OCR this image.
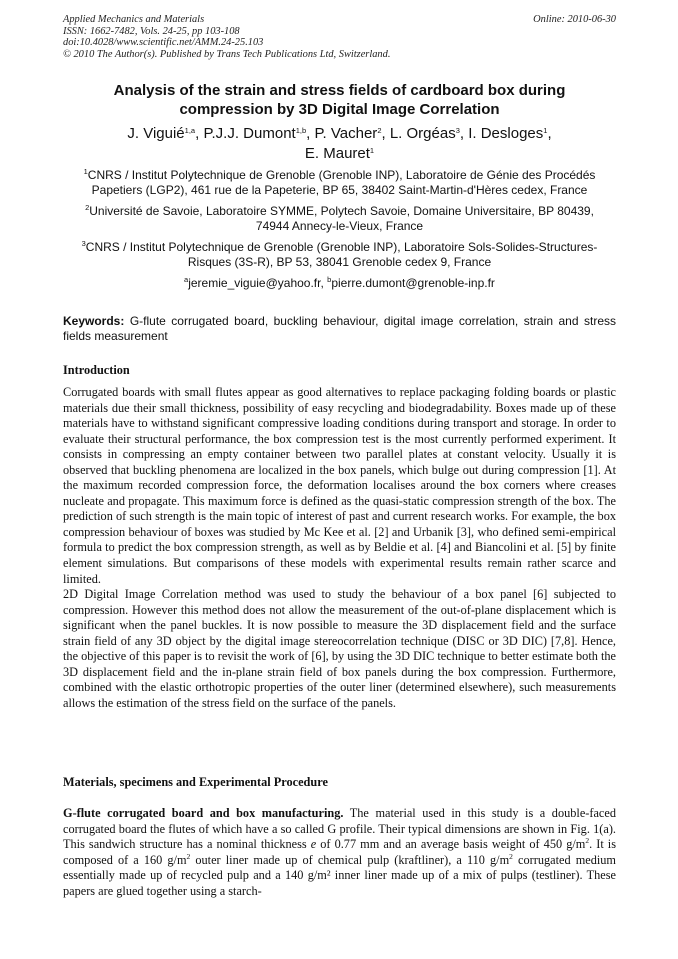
Applied Mechanics and Materials
ISSN: 1662-7482, Vols. 24-25, pp 103-108
doi:10.4028/www.scientific.net/AMM.24-25.103
© 2010 The Author(s). Published by Trans Tech Publications Ltd, Switzerland.
Online: 2010-06-30
Analysis of the strain and stress fields of cardboard box during
compression by 3D Digital Image Correlation
J. Viguié$^{1,a}$, P.J.J. Dumont$^{1,b}$, P. Vacher$^2$, L. Orgéas$^3$, I. Desloges$^1$,
E. Mauret$^1$
$^1$CNRS / Institut Polytechnique de Grenoble (Grenoble INP), Laboratoire de Génie des Procédés
Papetiers (LGP2), 461 rue de la Papeterie, BP 65, 38402 Saint-Martin-d'Hères cedex, France
$^2$Université de Savoie, Laboratoire SYMME, Polytech Savoie, Domaine Universitaire, BP 80439,
74944 Annecy-le-Vieux, France
$^3$CNRS / Institut Polytechnique de Grenoble (Grenoble INP), Laboratoire Sols-Solides-Structures-
Risques (3S-R), BP 53, 38041 Grenoble cedex 9, France
$^a$jeremie_viguie@yahoo.fr, $^b$pierre.dumont@grenoble-inp.fr
Keywords: G-flute corrugated board, buckling behaviour, digital image correlation, strain and stress fields measurement
Introduction

Corrugated boards with small flutes appear as good alternatives to replace packaging folding boards or plastic materials due their small thickness, possibility of easy recycling and biodegradability. Boxes made up of these materials have to withstand significant compressive loading conditions during transport and storage. In order to evaluate their structural performance, the box compression test is the most currently performed experiment. It consists in compressing an empty container between two parallel plates at constant velocity. Usually it is observed that buckling phenomena are localized in the box panels, which bulge out during compression [1]. At the maximum recorded compression force, the deformation localises around the box corners where creases nucleate and propagate. This maximum force is defined as the quasi-static compression strength of the box. The prediction of such strength is the main topic of interest of past and current research works. For example, the box compression behaviour of boxes was studied by Mc Kee et al. [2] and Urbanik [3], who defined semi-empirical formula to predict the box compression strength, as well as by Beldie et al. [4] and Biancolini et al. [5] by finite element simulations. But comparisons of these models with experimental results remain rather scarce and limited.

2D Digital Image Correlation method was used to study the behaviour of a box panel [6] subjected to compression. However this method does not allow the measurement of the out-of-plane displacement which is significant when the panel buckles. It is now possible to measure the 3D displacement field and the surface strain field of any 3D object by the digital image stereocorrelation technique (DISC or 3D DIC) [7,8]. Hence, the objective of this paper is to revisit the work of [6], by using the 3D DIC technique to better estimate both the 3D displacement field and the in-plane strain field of box panels during the box compression. Furthermore, combined with the elastic orthotropic properties of the outer liner (determined elsewhere), such measurements allows the estimation of the stress field on the surface of the panels.

Materials, specimens and Experimental Procedure

G-flute corrugated board and box manufacturing. The material used in this study is a double-faced corrugated board the flutes of which have a so called G profile. Their typical dimensions are shown in Fig. 1(a). This sandwich structure has a nominal thickness e of 0.77 mm and an average basis weight of 450 $g/m^2$. It is composed of a 160 $g/m^2$ outer liner made up of chemical pulp (kraftliner), a 110 $g/m^2$ corrugated medium essentially made up of recycled pulp and a 140 g/m² inner liner made up of a mix of pulps (testliner). These papers are glued together using a starch-
